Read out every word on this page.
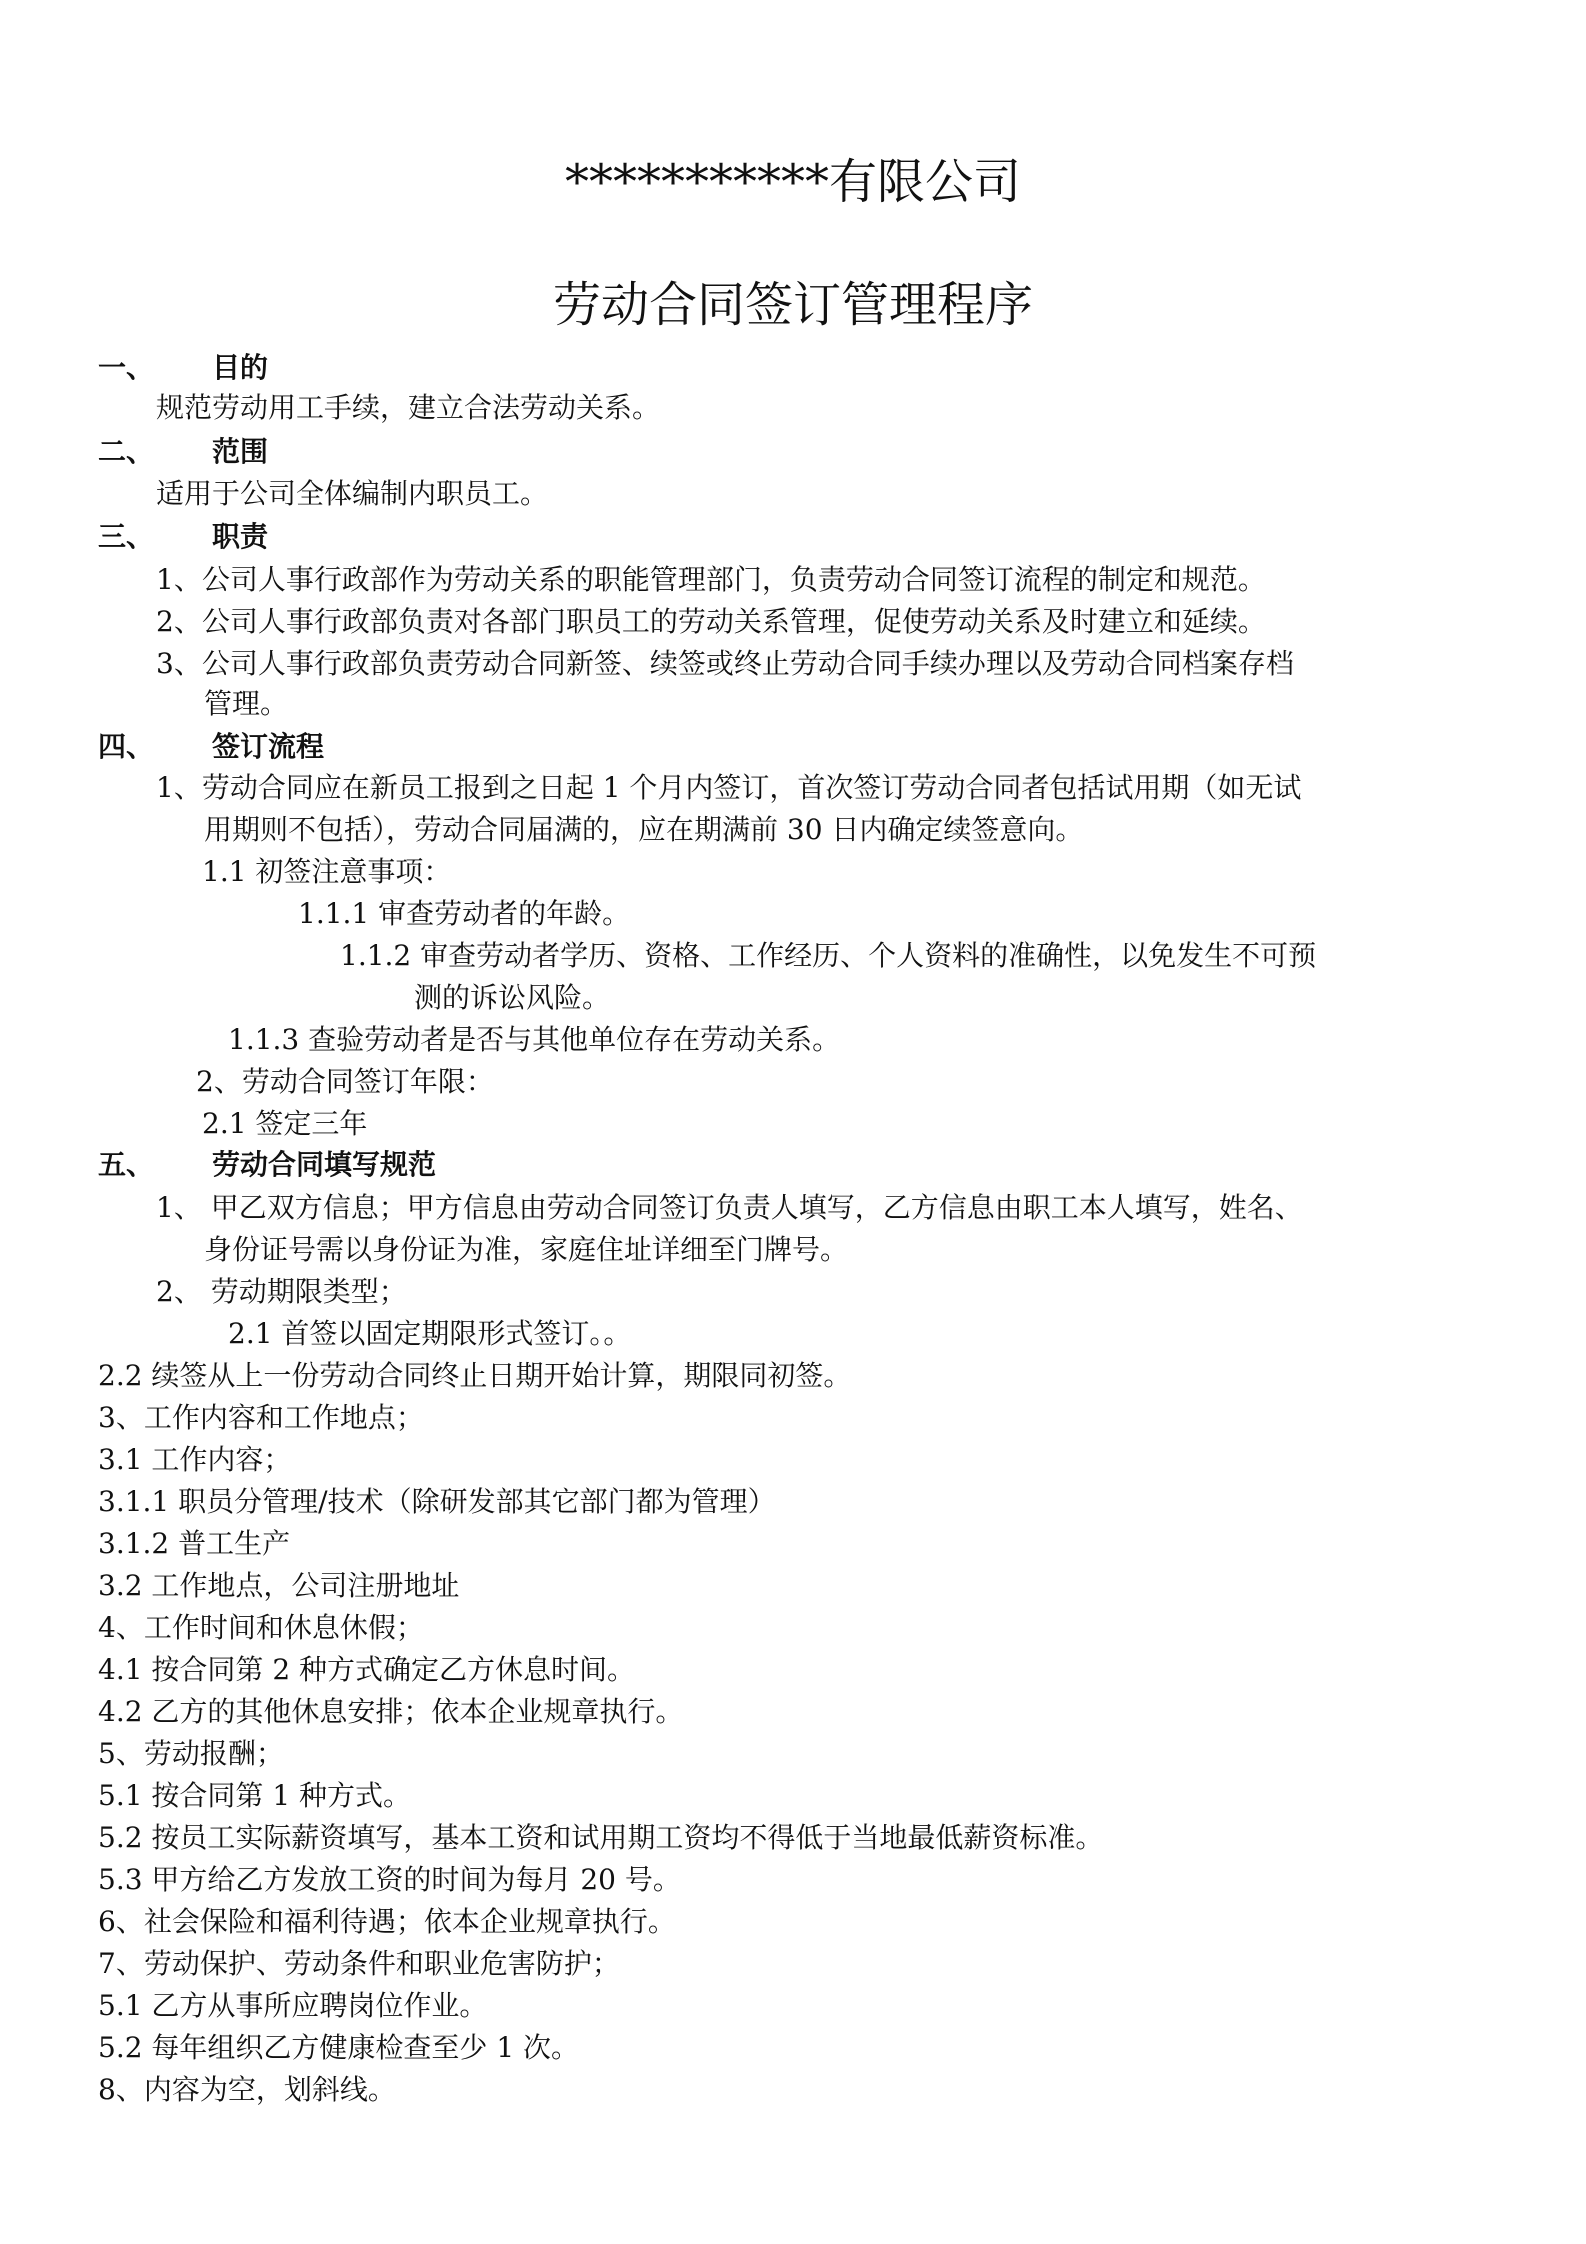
***********有限公司
劳动合同签订管理程序
一、 目的
规范劳动用工手续，建立合法劳动关系。
二、 范围
适用于公司全体编制内职员工。
三、 职责
1、公司人事行政部作为劳动关系的职能管理部门，负责劳动合同签订流程的制定和规范。
2、公司人事行政部负责对各部门职员工的劳动关系管理，促使劳动关系及时建立和延续。
3、公司人事行政部负责劳动合同新签、续签或终止劳动合同手续办理以及劳动合同档案存档
管理。
四、 签订流程
1、劳动合同应在新员工报到之日起 1 个月内签订，首次签订劳动合同者包括试用期（如无试
用期则不包括），劳动合同届满的，应在期满前 30 日内确定续签意向。
1.1 初签注意事项：
1.1.1 审查劳动者的年龄。
1.1.2 审查劳动者学历、资格、工作经历、个人资料的准确性，以免发生不可预
测的诉讼风险。
1.1.3 查验劳动者是否与其他单位存在劳动关系。
2、劳动合同签订年限：
2.1 签定三年
五、 劳动合同填写规范
1、 甲乙双方信息；甲方信息由劳动合同签订负责人填写，乙方信息由职工本人填写，姓名、
身份证号需以身份证为准，家庭住址详细至门牌号。
2、 劳动期限类型；
2.1 首签以固定期限形式签订。。
2.2 续签从上一份劳动合同终止日期开始计算，期限同初签。
3、工作内容和工作地点；
3.1 工作内容；
3.1.1 职员分管理/技术（除研发部其它部门都为管理）
3.1.2 普工生产
3.2 工作地点，公司注册地址
4、工作时间和休息休假；
4.1 按合同第 2 种方式确定乙方休息时间。
4.2 乙方的其他休息安排；依本企业规章执行。
5、劳动报酬；
5.1 按合同第 1 种方式。
5.2 按员工实际薪资填写，基本工资和试用期工资均不得低于当地最低薪资标准。
5.3 甲方给乙方发放工资的时间为每月 20 号。
6、社会保险和福利待遇；依本企业规章执行。
7、劳动保护、劳动条件和职业危害防护；
5.1 乙方从事所应聘岗位作业。
5.2 每年组织乙方健康检查至少 1 次。
8、内容为空，划斜线。
